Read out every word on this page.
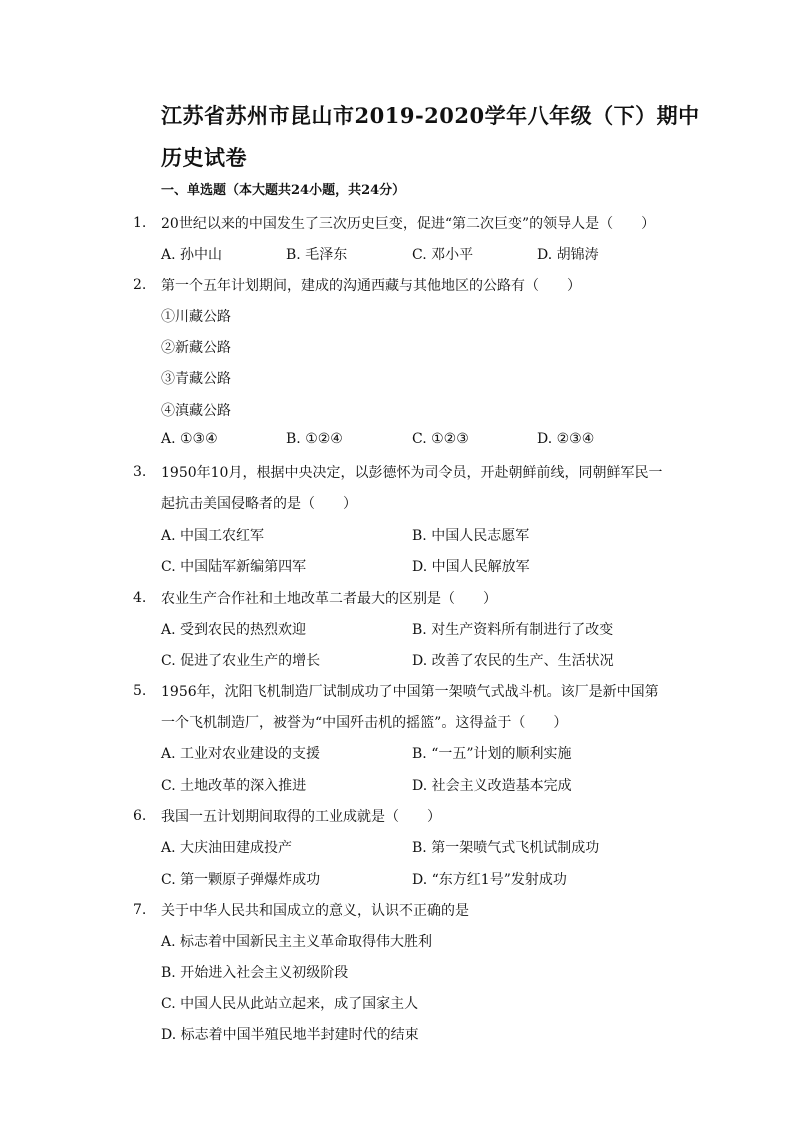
江苏省苏州市昆山市2019-2020学年八年级（下）期中
历史试卷
一、单选题（本大题共24小题，共24分）
1.	20世纪以来的中国发生了三次历史巨变，促进“第二次巨变”的领导人是（　　）
A. 孙中山	B. 毛泽东	C. 邓小平	D. 胡锦涛
2.	第一个五年计划期间，建成的沟通西藏与其他地区的公路有（　　）
①川藏公路
②新藏公路
③青藏公路
④滇藏公路
A. ①③④	B. ①②④	C. ①②③	D. ②③④
3.	1950年10月，根据中央决定，以彭德怀为司令员，开赴朝鲜前线，同朝鲜军民一
起抗击美国侵略者的是（　　）
A. 中国工农红军	B. 中国人民志愿军
C. 中国陆军新编第四军	D. 中国人民解放军
4.	农业生产合作社和土地改革二者最大的区别是（　　）
A. 受到农民的热烈欢迎	B. 对生产资料所有制进行了改变
C. 促进了农业生产的增长	D. 改善了农民的生产、生活状况
5.	1956年，沈阳飞机制造厂试制成功了中国第一架喷气式战斗机。该厂是新中国第
一个飞机制造厂，被誉为“中国歼击机的摇篮”。这得益于（　　）
A. 工业对农业建设的支援	B. “一五”计划的顺利实施
C. 土地改革的深入推进	D. 社会主义改造基本完成
6.	我国一五计划期间取得的工业成就是（　　）
A. 大庆油田建成投产	B. 第一架喷气式飞机试制成功
C. 第一颗原子弹爆炸成功	D. “东方红1号”发射成功
7.	关于中华人民共和国成立的意义，认识不正确的是
A. 标志着中国新民主主义革命取得伟大胜利
B. 开始进入社会主义初级阶段
C. 中国人民从此站立起来，成了国家主人
D. 标志着中国半殖民地半封建时代的结束
